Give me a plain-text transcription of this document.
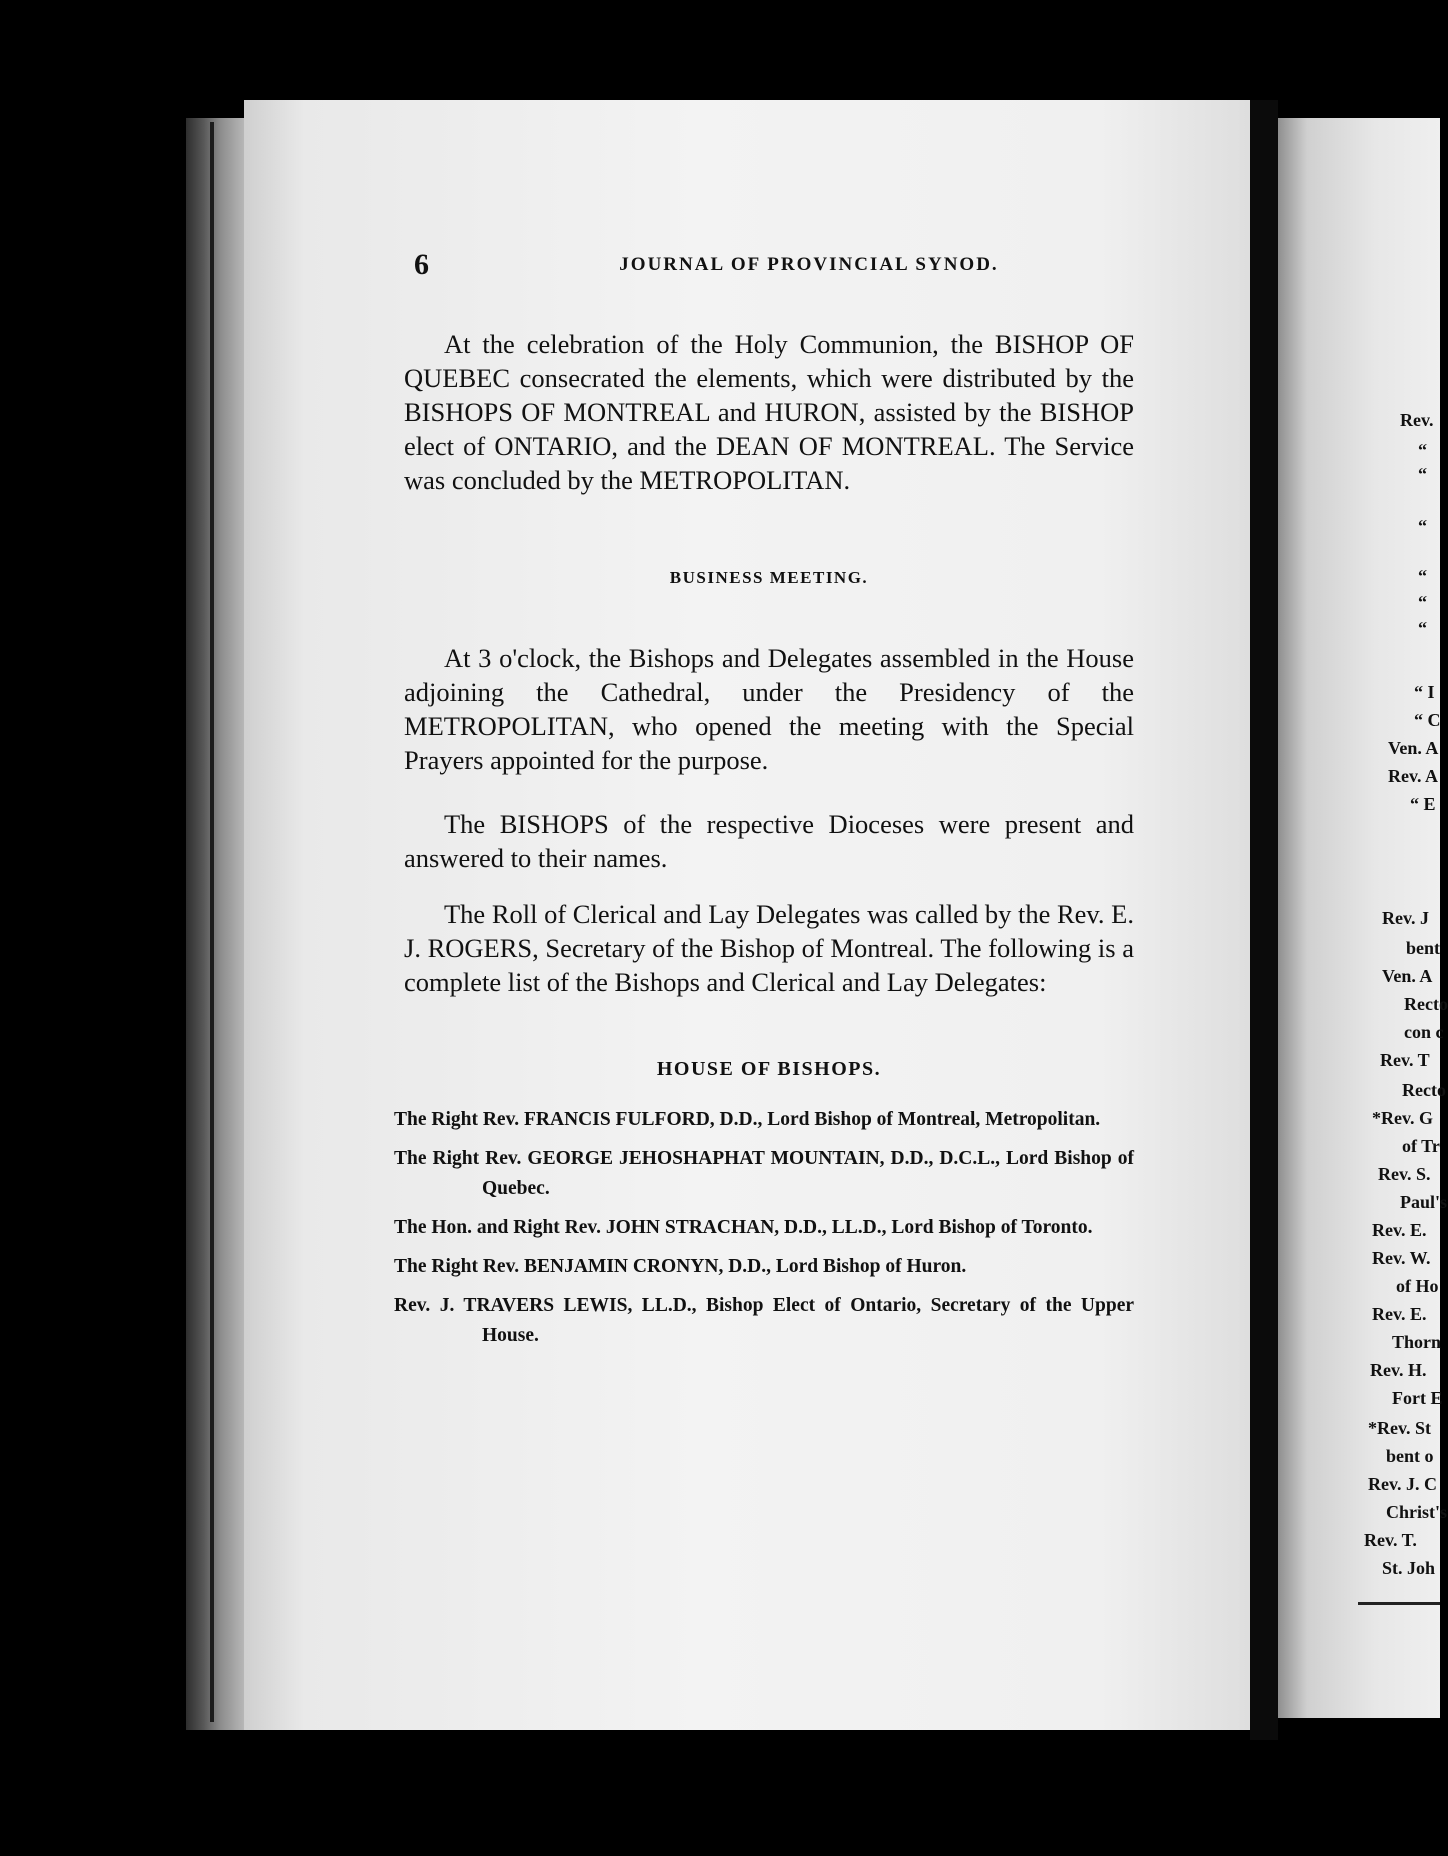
6	JOURNAL OF PROVINCIAL SYNOD.

At the celebration of the Holy Communion, the BISHOP OF QUEBEC consecrated the elements, which were distributed by the BISHOPS OF MONTREAL and HURON, assisted by the BISHOP elect of ONTARIO, and the DEAN OF MONTREAL. The Service was concluded by the METROPOLITAN.

BUSINESS MEETING.

At 3 o'clock, the Bishops and Delegates assembled in the House adjoining the Cathedral, under the Presidency of the METROPOLITAN, who opened the meeting with the Special Prayers appointed for the purpose.

The BISHOPS of the respective Dioceses were present and answered to their names.

The Roll of Clerical and Lay Delegates was called by the Rev. E. J. ROGERS, Secretary of the Bishop of Montreal. The following is a complete list of the Bishops and Clerical and Lay Delegates:

HOUSE OF BISHOPS.
The Right Rev. FRANCIS FULFORD, D.D., Lord Bishop of Montreal, Metropolitan.
The Right Rev. GEORGE JEHOSHAPHAT MOUNTAIN, D.D., D.C.L., Lord Bishop of Quebec.
The Hon. and Right Rev. JOHN STRACHAN, D.D., LL.D., Lord Bishop of Toronto.
The Right Rev. BENJAMIN CRONYN, D.D., Lord Bishop of Huron.
Rev. J. TRAVERS LEWIS, LL.D., Bishop Elect of Ontario, Secretary of the Upper House.
Rev.
“
“
“
“
“
“
“ I
“ C
Ven. A
Rev. A
“ E
Rev. J
bent
Ven. A
Recto
con c
Rev. T
Recto
*Rev. G
of Tr
Rev. S.
Paul's
Rev. E.
Rev. W.
of Ho
Rev. E.
Thorn
Rev. H.
Fort E
*Rev. St
bent o
Rev. J. C
Christ's
Rev. T.
St. Joh
